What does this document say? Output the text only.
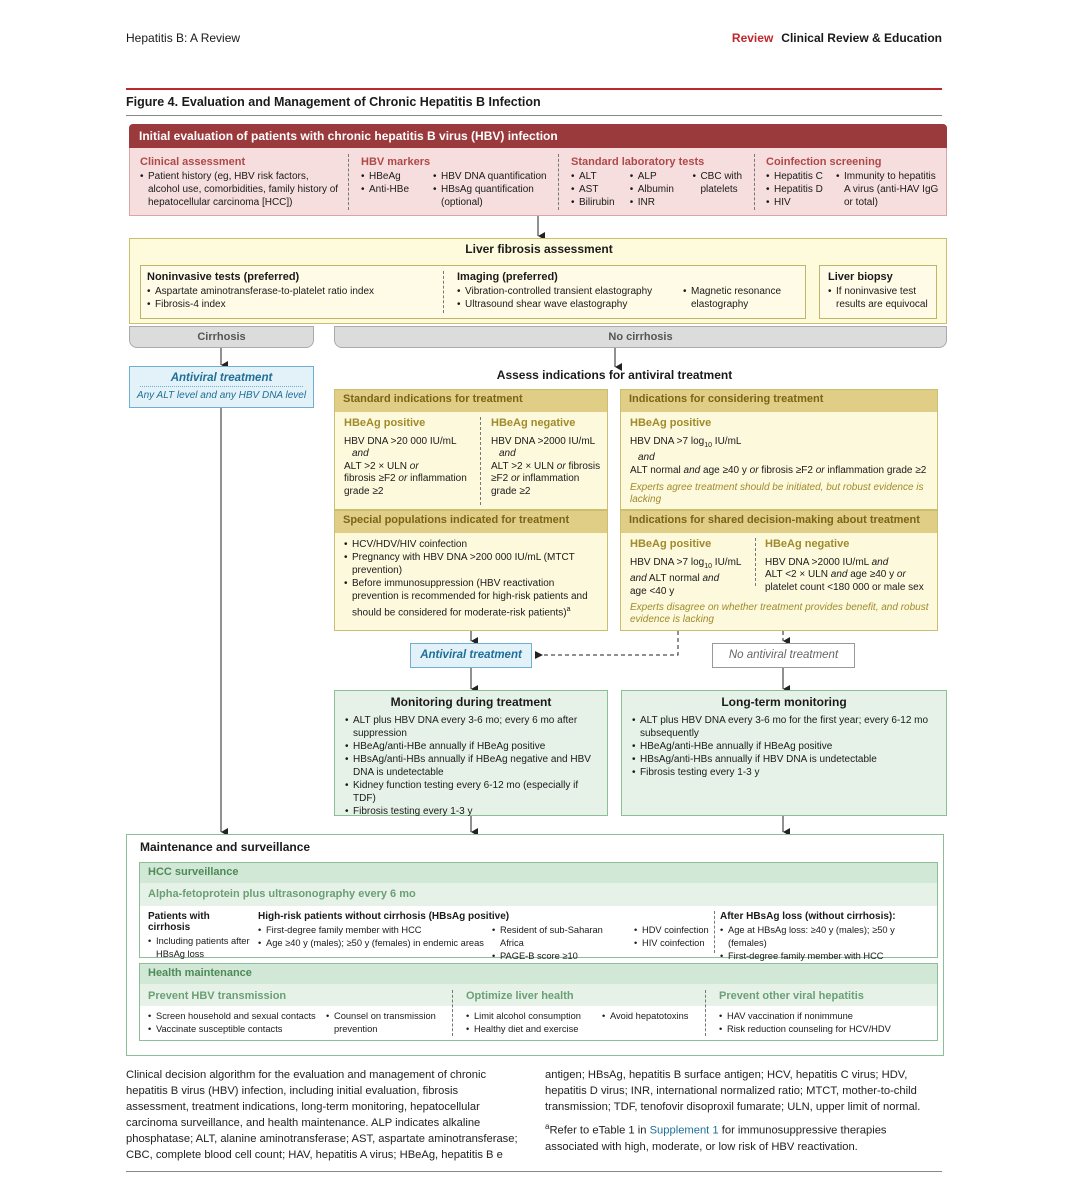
Hepatitis B: A Review	Review Clinical Review & Education
Figure 4. Evaluation and Management of Chronic Hepatitis B Infection
Initial evaluation of patients with chronic hepatitis B virus (HBV) infection
Clinical assessment
• Patient history (eg, HBV risk factors, alcohol use, comorbidities, family history of hepatocellular carcinoma [HCC])
HBV markers
• HBeAg
• Anti-HBe
• HBV DNA quantification
• HBsAg quantification (optional)
Standard laboratory tests
• ALT
• AST
• Bilirubin
• ALP
• Albumin
• INR
• CBC with platelets
Coinfection screening
• Hepatitis C
• Hepatitis D
• HIV
• Immunity to hepatitis A virus (anti-HAV IgG or total)
Liver fibrosis assessment
Noninvasive tests (preferred)
• Aspartate aminotransferase-to-platelet ratio index
• Fibrosis-4 index
Imaging (preferred)
• Vibration-controlled transient elastography
• Ultrasound shear wave elastography
• Magnetic resonance elastography
Liver biopsy
• If noninvasive test results are equivocal
Cirrhosis	No cirrhosis
Antiviral treatment
Any ALT level and any HBV DNA level
Assess indications for antiviral treatment
Standard indications for treatment
HBeAg positive
HBV DNA >20 000 IU/mL
and
ALT >2 × ULN or
fibrosis ≥F2 or inflammation grade ≥2
HBeAg negative
HBV DNA >2000 IU/mL
and
ALT >2 × ULN or fibrosis ≥F2 or inflammation grade ≥2
Indications for considering treatment
HBeAg positive
HBV DNA >7 $\log_{10} IU/mL$
and
ALT normal and age ≥40 y or fibrosis ≥F2 or inflammation grade ≥2
Experts agree treatment should be initiated, but robust evidence is lacking
Special populations indicated for treatment
• HCV/HDV/HIV coinfection
• Pregnancy with HBV DNA >200 000 IU/mL (MTCT prevention)
• Before immunosuppression (HBV reactivation prevention is recommended for high-risk patients and should be considered for moderate-risk patients)$^a$
Indications for shared decision-making about treatment
HBeAg positive
HBV DNA >7 $\log_{10} IU/mL$
and ALT normal and
age <40 y
HBeAg negative
HBV DNA >2000 IU/mL and
ALT <2 × ULN and age ≥40 y or
platelet count <180 000 or male sex
Experts disagree on whether treatment provides benefit, and robust evidence is lacking
Antiviral treatment	No antiviral treatment
Monitoring during treatment
• ALT plus HBV DNA every 3-6 mo; every 6 mo after suppression
• HBeAg/anti-HBe annually if HBeAg positive
• HBsAg/anti-HBs annually if HBeAg negative and HBV DNA is undetectable
• Kidney function testing every 6-12 mo (especially if TDF)
• Fibrosis testing every 1-3 y
Long-term monitoring
• ALT plus HBV DNA every 3-6 mo for the first year; every 6-12 mo subsequently
• HBeAg/anti-HBe annually if HBeAg positive
• HBsAg/anti-HBs annually if HBV DNA is undetectable
• Fibrosis testing every 1-3 y
Maintenance and surveillance
HCC surveillance
Alpha-fetoprotein plus ultrasonography every 6 mo
Patients with cirrhosis
• Including patients after HBsAg loss
High-risk patients without cirrhosis (HBsAg positive)
• First-degree family member with HCC
• Age ≥40 y (males); ≥50 y (females) in endemic areas
• Resident of sub-Saharan Africa
• PAGE-B score ≥10
• HDV coinfection
• HIV coinfection
After HBsAg loss (without cirrhosis):
• Age at HBsAg loss: ≥40 y (males); ≥50 y (females)
• First-degree family member with HCC
Health maintenance
Prevent HBV transmission
• Screen household and sexual contacts
• Vaccinate susceptible contacts
• Counsel on transmission prevention
Optimize liver health
• Limit alcohol consumption
• Healthy diet and exercise
• Avoid hepatotoxins
Prevent other viral hepatitis
• HAV vaccination if nonimmune
• Risk reduction counseling for HCV/HDV
Clinical decision algorithm for the evaluation and management of chronic hepatitis B virus (HBV) infection, including initial evaluation, fibrosis assessment, treatment indications, long-term monitoring, hepatocellular carcinoma surveillance, and health maintenance. ALP indicates alkaline phosphatase; ALT, alanine aminotransferase; AST, aspartate aminotransferase; CBC, complete blood cell count; HAV, hepatitis A virus; HBeAg, hepatitis B e
antigen; HBsAg, hepatitis B surface antigen; HCV, hepatitis C virus; HDV, hepatitis D virus; INR, international normalized ratio; MTCT, mother-to-child transmission; TDF, tenofovir disoproxil fumarate; ULN, upper limit of normal.
$^a$Refer to eTable 1 in Supplement 1 for immunosuppressive therapies associated with high, moderate, or low risk of HBV reactivation.
